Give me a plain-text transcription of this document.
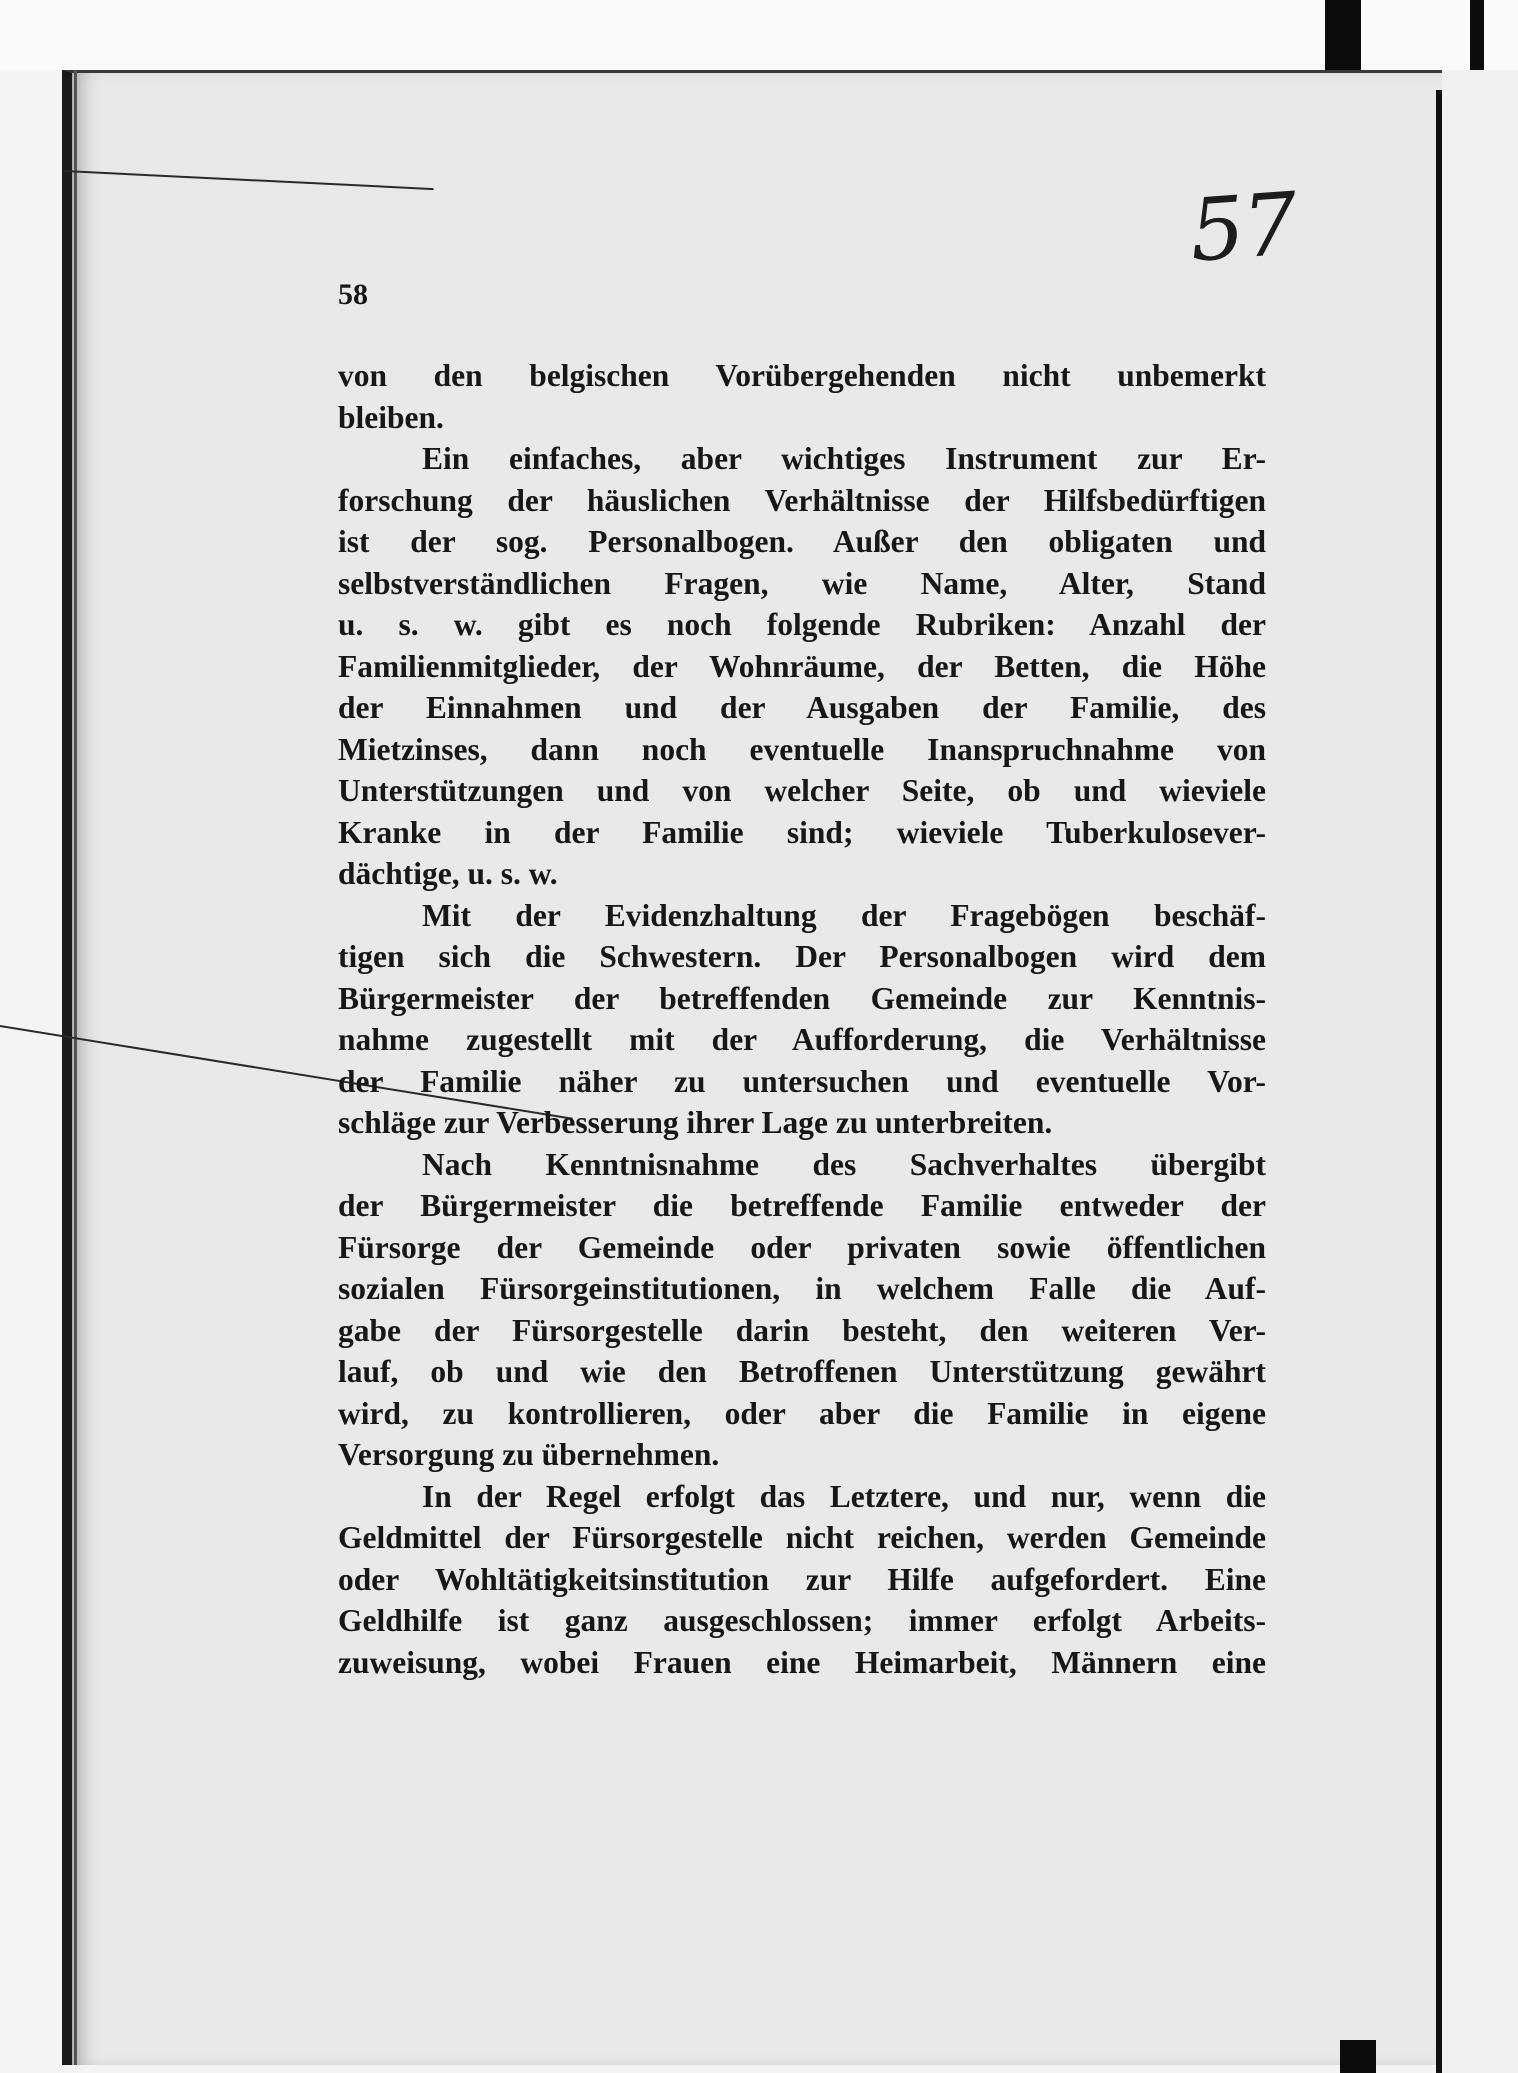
57
58
von den belgischen Vorübergehenden nicht unbemerkt
bleiben.
Ein einfaches, aber wichtiges Instrument zur Er-
forschung der häuslichen Verhältnisse der Hilfsbedürftigen
ist der sog. Personalbogen. Außer den obligaten und
selbstverständlichen Fragen, wie Name, Alter, Stand
u. s. w. gibt es noch folgende Rubriken: Anzahl der
Familienmitglieder, der Wohnräume, der Betten, die Höhe
der Einnahmen und der Ausgaben der Familie, des
Mietzinses, dann noch eventuelle Inanspruchnahme von
Unterstützungen und von welcher Seite, ob und wieviele
Kranke in der Familie sind; wieviele Tuberkulosever-
dächtige, u. s. w.
Mit der Evidenzhaltung der Fragebögen beschäf-
tigen sich die Schwestern. Der Personalbogen wird dem
Bürgermeister der betreffenden Gemeinde zur Kenntnis-
nahme zugestellt mit der Aufforderung, die Verhältnisse
der Familie näher zu untersuchen und eventuelle Vor-
schläge zur Verbesserung ihrer Lage zu unterbreiten.
Nach Kenntnisnahme des Sachverhaltes übergibt
der Bürgermeister die betreffende Familie entweder der
Fürsorge der Gemeinde oder privaten sowie öffentlichen
sozialen Fürsorgeinstitutionen, in welchem Falle die Auf-
gabe der Fürsorgestelle darin besteht, den weiteren Ver-
lauf, ob und wie den Betroffenen Unterstützung gewährt
wird, zu kontrollieren, oder aber die Familie in eigene
Versorgung zu übernehmen.
In der Regel erfolgt das Letztere, und nur, wenn die
Geldmittel der Fürsorgestelle nicht reichen, werden Gemeinde
oder Wohltätigkeitsinstitution zur Hilfe aufgefordert. Eine
Geldhilfe ist ganz ausgeschlossen; immer erfolgt Arbeits-
zuweisung, wobei Frauen eine Heimarbeit, Männern eine
